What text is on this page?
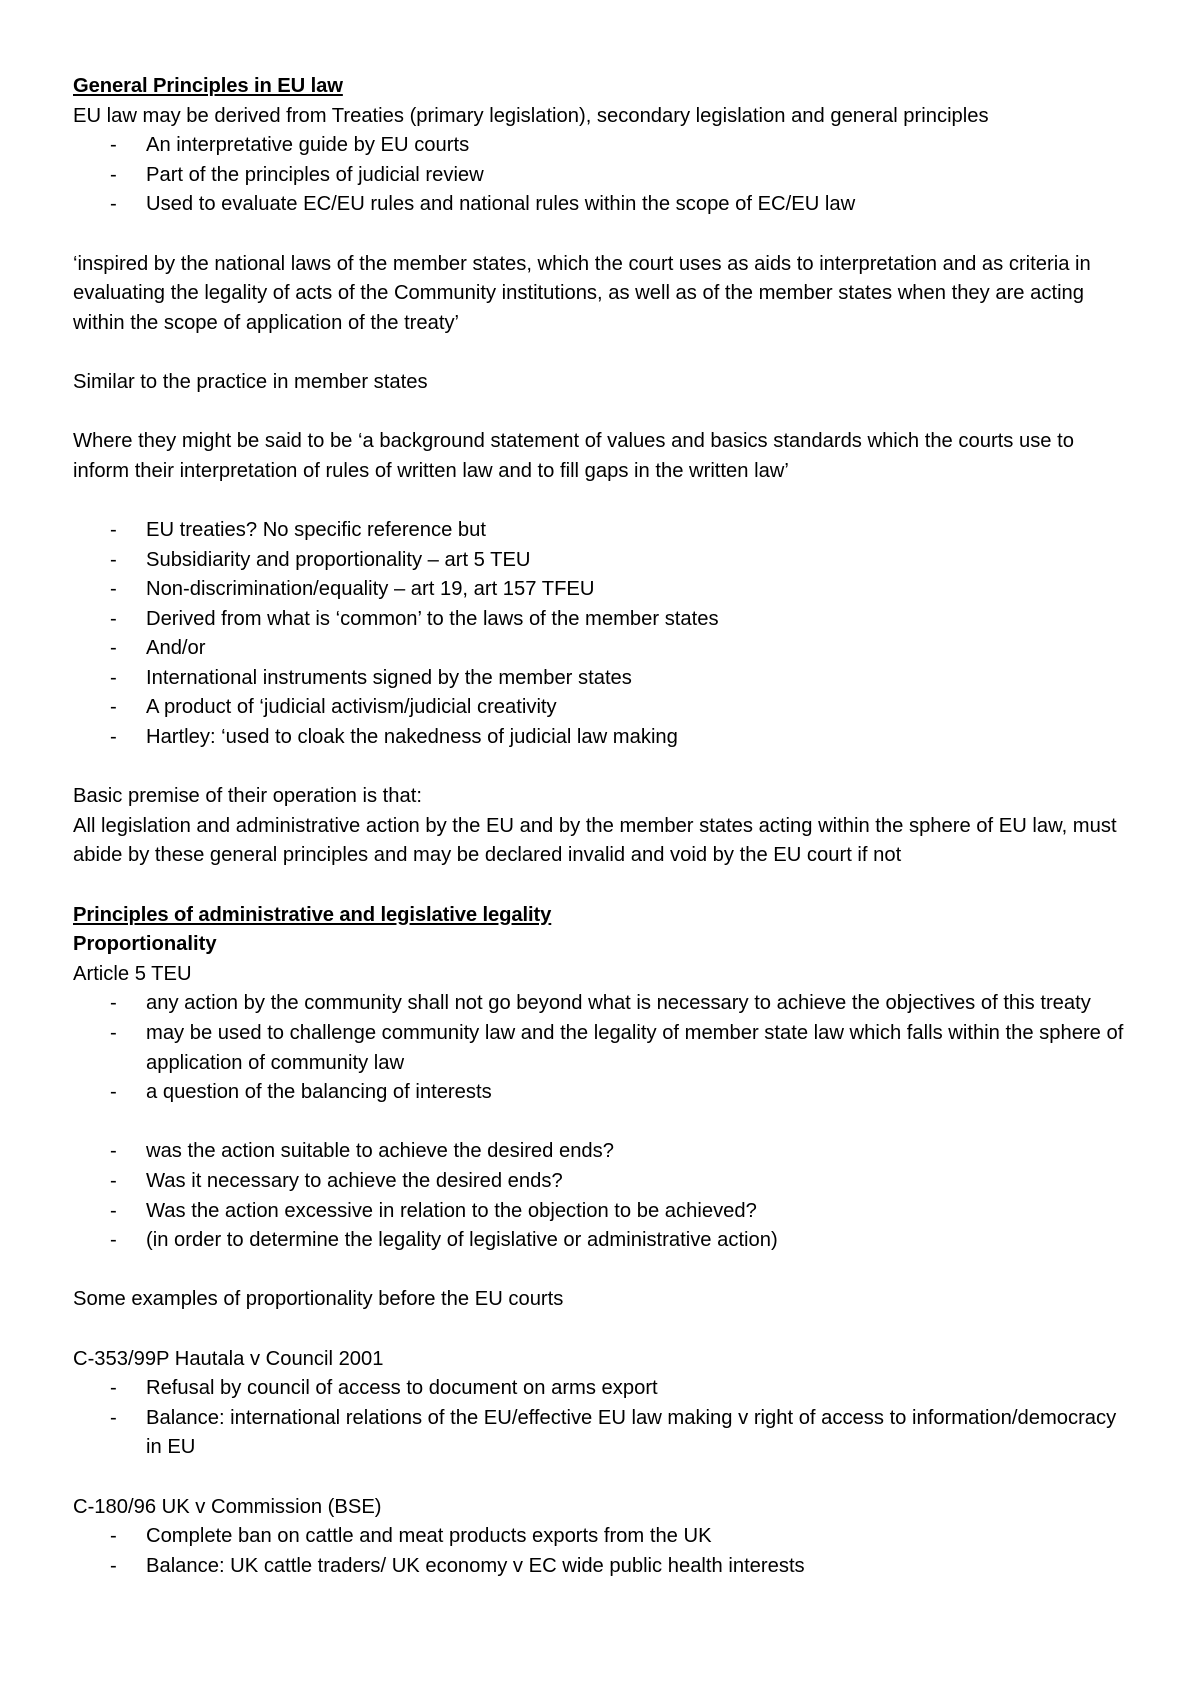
General Principles in EU law
EU law may be derived from Treaties (primary legislation), secondary legislation and general principles
-	An interpretative guide by EU courts
-	Part of the principles of judicial review
-	Used to evaluate EC/EU rules and national rules within the scope of EC/EU law
‘inspired by the national laws of the member states, which the court uses as aids to interpretation and as criteria in evaluating the legality of acts of the Community institutions, as well as of the member states when they are acting within the scope of application of the treaty’
Similar to the practice in member states
Where they might be said to be ‘a background statement of values and basics standards which the courts use to inform their interpretation of rules of written law and to fill gaps in the written law’
-	EU treaties? No specific reference but
-	Subsidiarity and proportionality – art 5 TEU
-	Non-discrimination/equality – art 19, art 157 TFEU
-	Derived from what is ‘common’ to the laws of the member states
-	And/or
-	International instruments signed by the member states
-	A product of ‘judicial activism/judicial creativity
-	Hartley: ‘used to cloak the nakedness of judicial law making
Basic premise of their operation is that:
All legislation and administrative action by the EU and by the member states acting within the sphere of EU law, must abide by these general principles and may be declared invalid and void by the EU court if not
Principles of administrative and legislative legality
Proportionality
Article 5 TEU
-	any action by the community shall not go beyond what is necessary to achieve the objectives of this treaty
-	may be used to challenge community law and the legality of member state law which falls within the sphere of application of community law
-	a question of the balancing of interests
-	was the action suitable to achieve the desired ends?
-	Was it necessary to achieve the desired ends?
-	Was the action excessive in relation to the objection to be achieved?
-	(in order to determine the legality of legislative or administrative action)
Some examples of proportionality before the EU courts
C-353/99P Hautala v Council 2001
-	Refusal by council of access to document on arms export
-	Balance: international relations of the EU/effective EU law making v right of access to information/democracy in EU
C-180/96 UK v Commission (BSE)
-	Complete ban on cattle and meat products exports from the UK
-	Balance: UK cattle traders/ UK economy v EC wide public health interests
